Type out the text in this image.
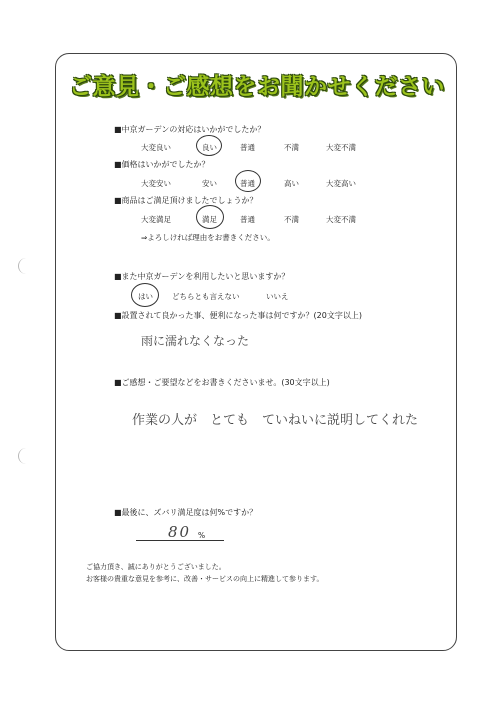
ご意見・ご感想をお聞かせください
■中京ガーデンの対応はいかがでしたか？
大変良い	良い	普通	不満	大変不満
■価格はいかがでしたか？
大変安い	安い	普通	高い	大変高い
■商品はご満足頂けましたでしょうか？
大変満足	満足	普通	不満	大変不満
⇒よろしければ理由をお書きください。
■また中京ガーデンを利用したいと思いますか？
はい	どちらとも言えない	いいえ
■設置されて良かった事、便利になった事は何ですか？(20文字以上)
雨に濡れなくなった
■ご感想・ご要望などをお書きくださいませ。(30文字以上)
作業の人が　とても　ていねいに説明してくれた
■最後に、ズバリ満足度は何%ですか？
80 %
ご協力頂き、誠にありがとうございました。
お客様の貴重な意見を参考に、改善・サービスの向上に精進して参ります。
